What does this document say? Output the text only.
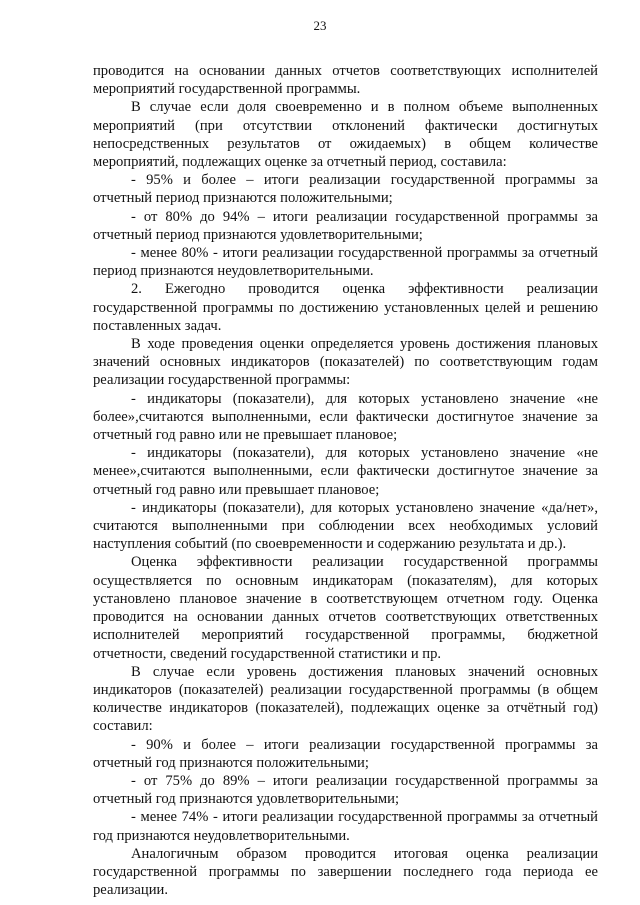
23

проводится на основании данных отчетов соответствующих исполнителей мероприятий государственной программы.

В случае если доля своевременно и в полном объеме выполненных мероприятий (при отсутствии отклонений фактически достигнутых непосредственных результатов от ожидаемых) в общем количестве мероприятий, подлежащих оценке за отчетный период, составила:

- 95% и более – итоги реализации государственной программы за отчетный период признаются положительными;

- от 80% до 94% – итоги реализации государственной программы за отчетный период признаются удовлетворительными;

- менее 80% - итоги реализации государственной программы за отчетный период признаются неудовлетворительными.

2. Ежегодно проводится оценка эффективности реализации государственной программы по достижению установленных целей и решению поставленных задач.

В ходе проведения оценки определяется уровень достижения плановых значений основных индикаторов (показателей) по соответствующим годам реализации государственной программы:

- индикаторы (показатели), для которых установлено значение «не более»,считаются выполненными, если фактически достигнутое значение за отчетный год равно или не превышает плановое;

- индикаторы (показатели), для которых установлено значение «не менее»,считаются выполненными, если фактически достигнутое значение за отчетный год равно или превышает плановое;

- индикаторы (показатели), для которых установлено значение «да/нет», считаются выполненными при соблюдении всех необходимых условий наступления событий (по своевременности и содержанию результата и др.).

Оценка эффективности реализации государственной программы осуществляется по основным индикаторам (показателям), для которых установлено плановое значение в соответствующем отчетном году. Оценка проводится на основании данных отчетов соответствующих ответственных исполнителей мероприятий государственной программы, бюджетной отчетности, сведений государственной статистики и пр.

В случае если уровень достижения плановых значений основных индикаторов (показателей) реализации государственной программы (в общем количестве индикаторов (показателей), подлежащих оценке за отчётный год) составил:

- 90% и более – итоги реализации государственной программы за отчетный год признаются положительными;

- от 75% до 89% – итоги реализации государственной программы за отчетный год признаются удовлетворительными;

- менее 74% - итоги реализации государственной программы за отчетный год признаются неудовлетворительными.

Аналогичным образом проводится итоговая оценка реализации государственной программы по завершении последнего года периода ее реализации.
